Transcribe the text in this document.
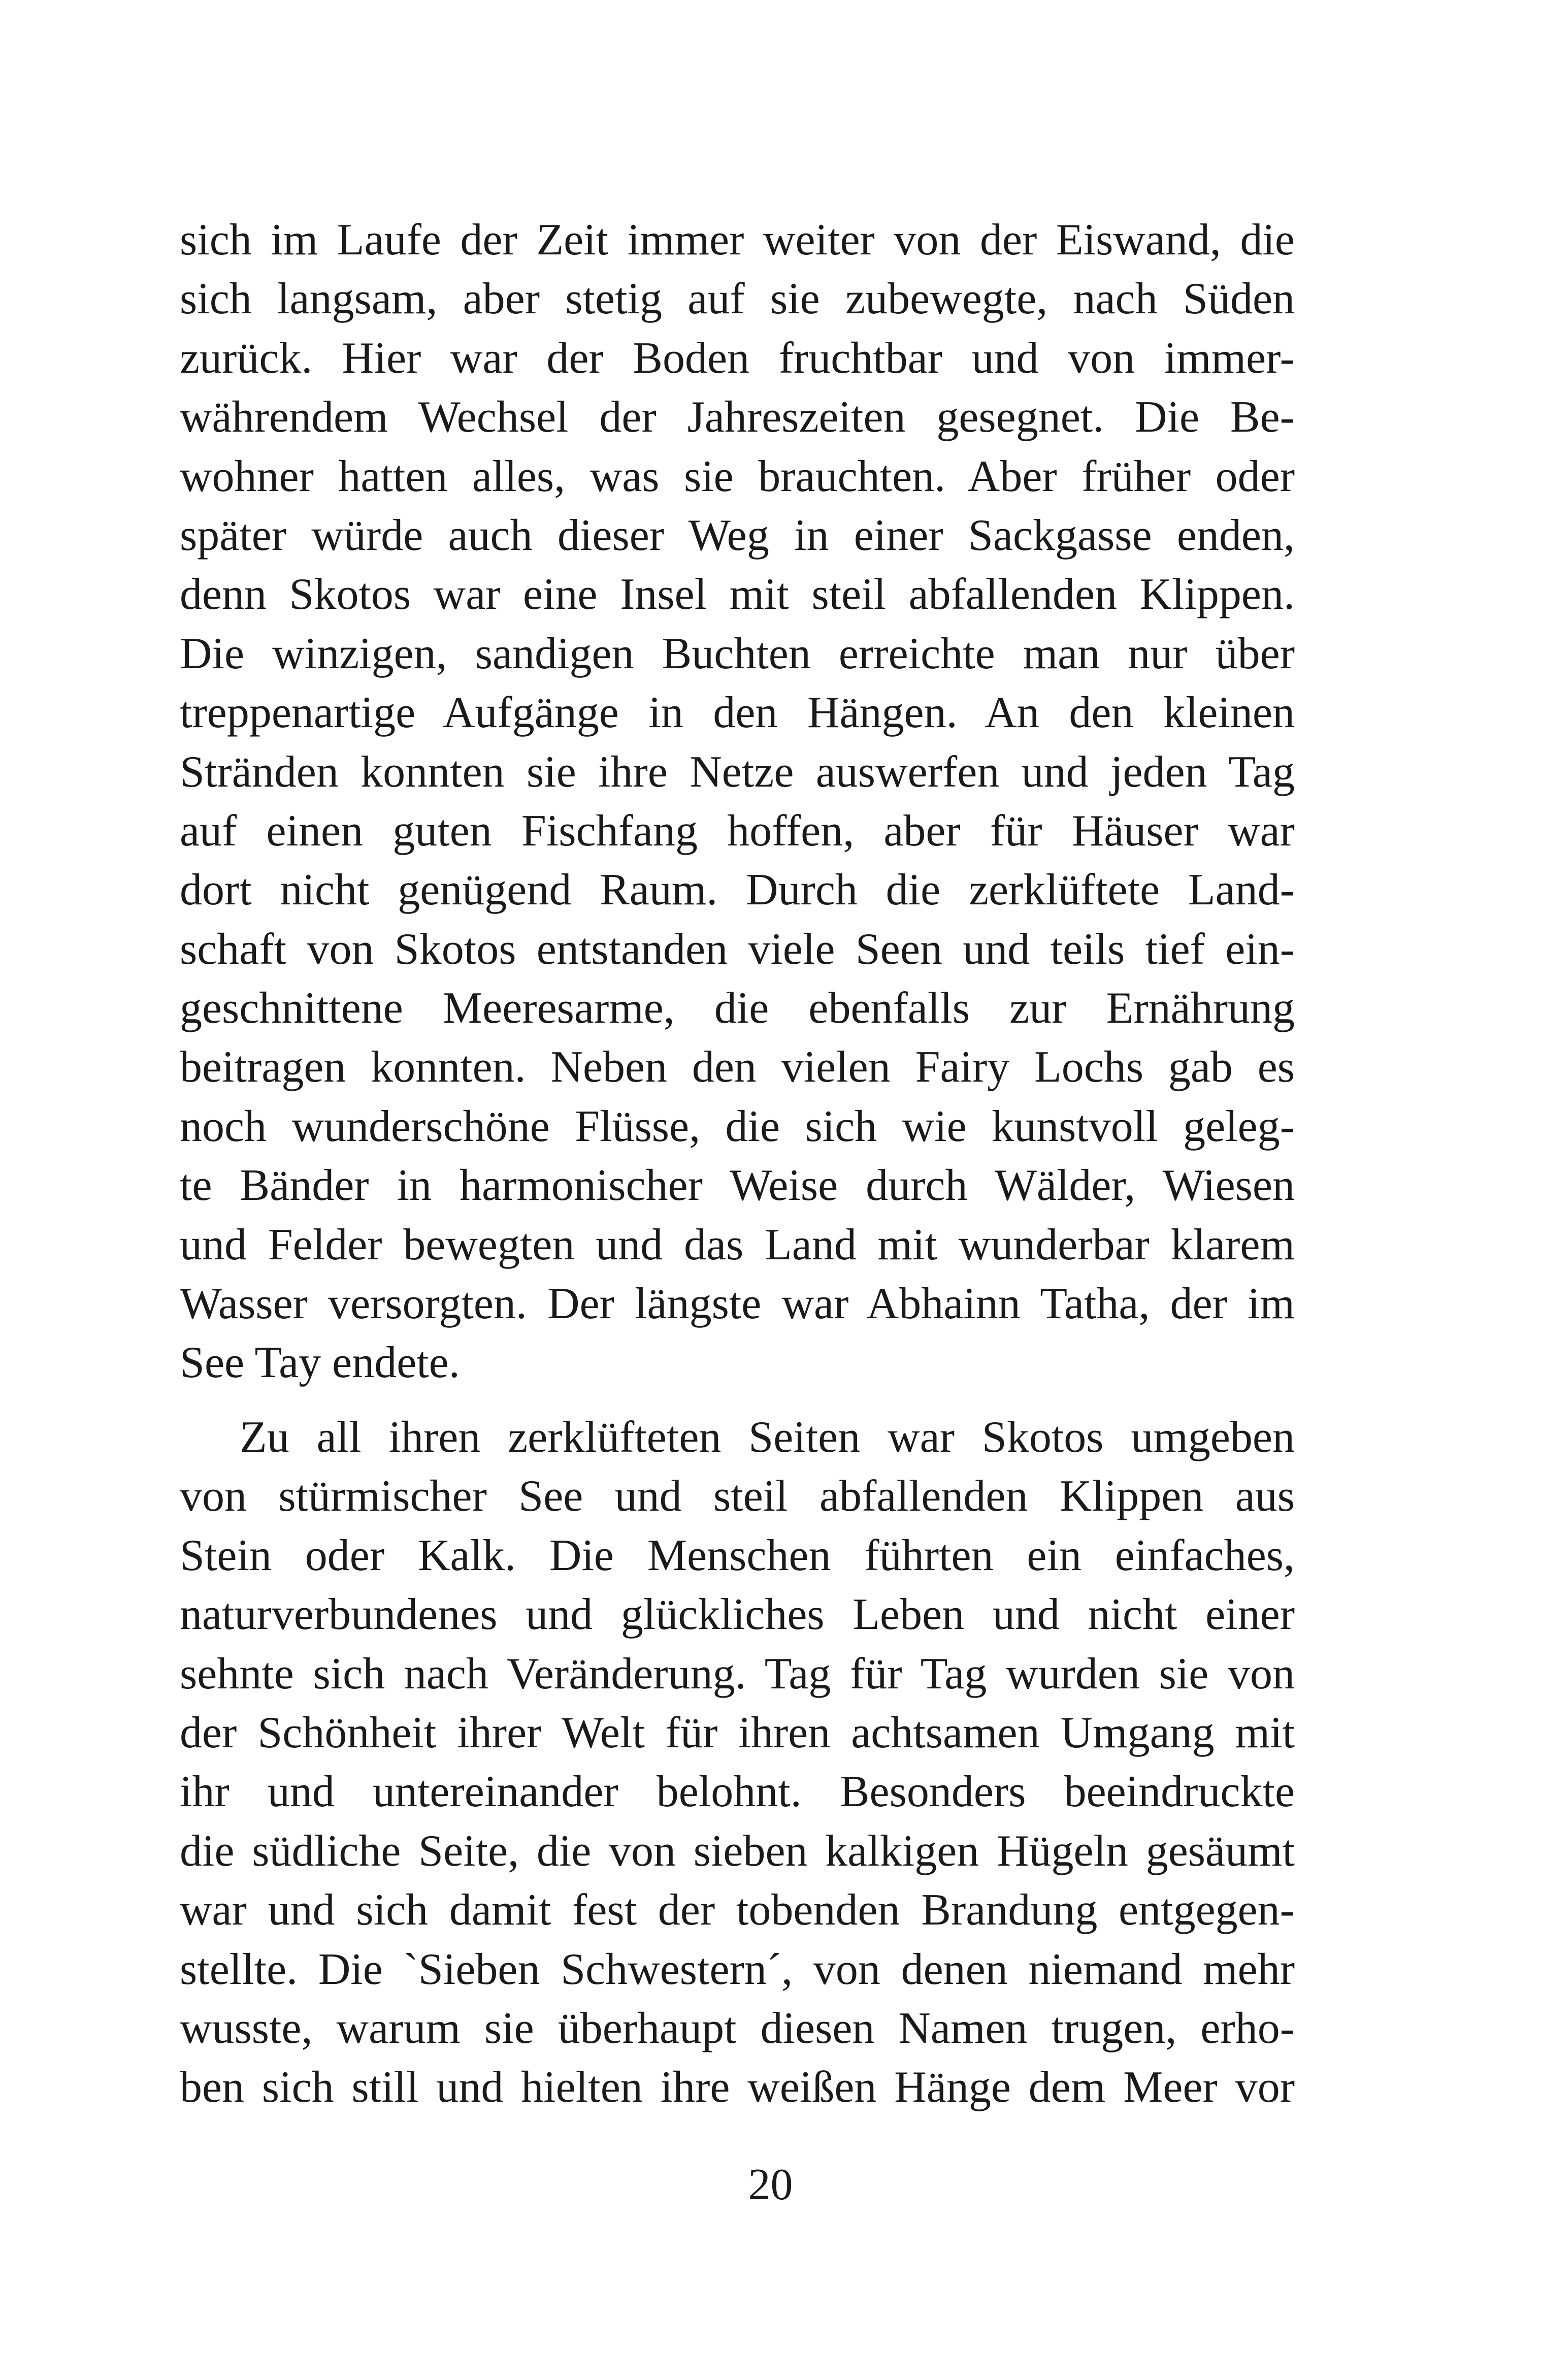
sich im Laufe der Zeit immer weiter von der Eiswand, die
sich langsam, aber stetig auf sie zubewegte, nach Süden
zurück. Hier war der Boden fruchtbar und von immer-
währendem Wechsel der Jahreszeiten gesegnet. Die Be-
wohner hatten alles, was sie brauchten. Aber früher oder
später würde auch dieser Weg in einer Sackgasse enden,
denn Skotos war eine Insel mit steil abfallenden Klippen.
Die winzigen, sandigen Buchten erreichte man nur über
treppenartige Aufgänge in den Hängen. An den kleinen
Stränden konnten sie ihre Netze auswerfen und jeden Tag
auf einen guten Fischfang hoffen, aber für Häuser war
dort nicht genügend Raum. Durch die zerklüftete Land-
schaft von Skotos entstanden viele Seen und teils tief ein-
geschnittene Meeresarme, die ebenfalls zur Ernährung
beitragen konnten. Neben den vielen Fairy Lochs gab es
noch wunderschöne Flüsse, die sich wie kunstvoll geleg-
te Bänder in harmonischer Weise durch Wälder, Wiesen
und Felder bewegten und das Land mit wunderbar klarem
Wasser versorgten. Der längste war Abhainn Tatha, der im
See Tay endete.
Zu all ihren zerklüfteten Seiten war Skotos umgeben
von stürmischer See und steil abfallenden Klippen aus
Stein oder Kalk. Die Menschen führten ein einfaches,
naturverbundenes und glückliches Leben und nicht einer
sehnte sich nach Veränderung. Tag für Tag wurden sie von
der Schönheit ihrer Welt für ihren achtsamen Umgang mit
ihr und untereinander belohnt. Besonders beeindruckte
die südliche Seite, die von sieben kalkigen Hügeln gesäumt
war und sich damit fest der tobenden Brandung entgegen-
stellte. Die `Sieben Schwestern´, von denen niemand mehr
wusste, warum sie überhaupt diesen Namen trugen, erho-
ben sich still und hielten ihre weißen Hänge dem Meer vor
20
